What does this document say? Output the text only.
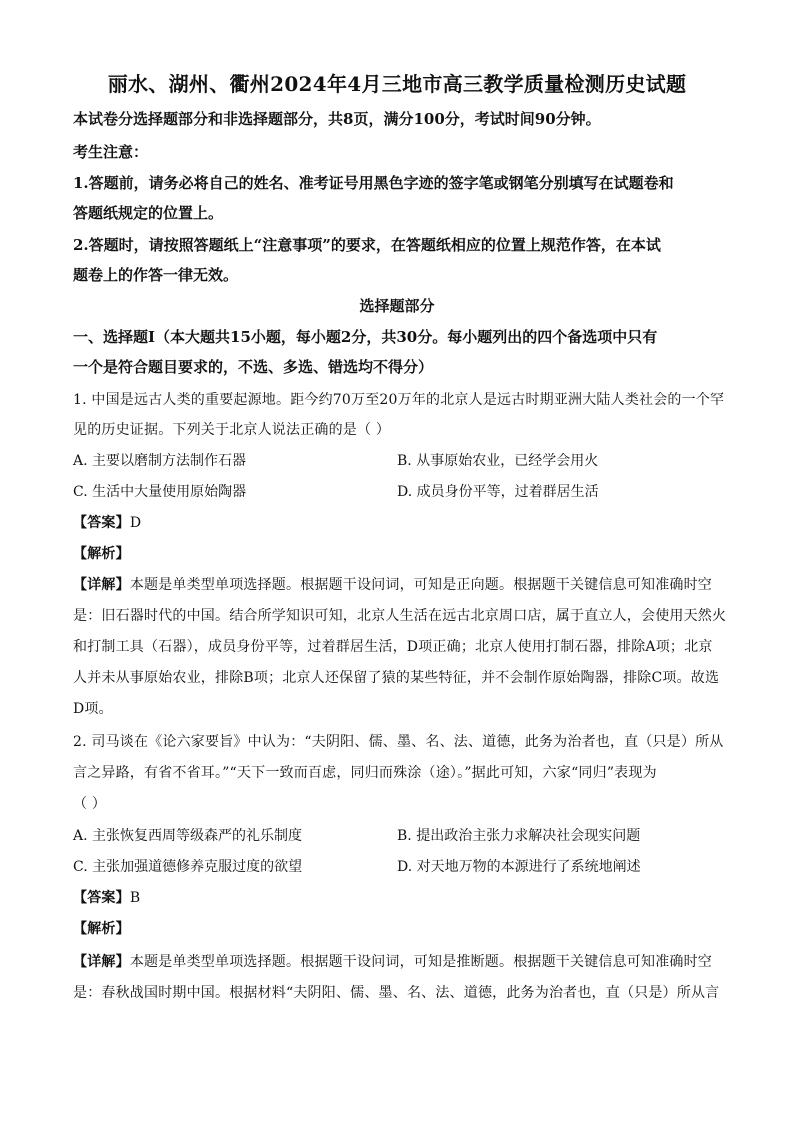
丽水、湖州、衢州2024年4月三地市高三教学质量检测历史试题
本试卷分选择题部分和非选择题部分，共8页，满分100分，考试时间90分钟。
考生注意：
1.答题前，请务必将自己的姓名、准考证号用黑色字迹的签字笔或钢笔分别填写在试题卷和
答题纸规定的位置上。
2.答题时，请按照答题纸上“注意事项”的要求，在答题纸相应的位置上规范作答，在本试
题卷上的作答一律无效。
选择题部分
一、选择题Ⅰ（本大题共15小题，每小题2分，共30分。每小题列出的四个备选项中只有
一个是符合题目要求的，不选、多选、错选均不得分）
1. 中国是远古人类的重要起源地。距今约70万至20万年的北京人是远古时期亚洲大陆人类社会的一个罕
见的历史证据。下列关于北京人说法正确的是（ ）
A. 主要以磨制方法制作石器	B. 从事原始农业，已经学会用火
C. 生活中大量使用原始陶器	D. 成员身份平等，过着群居生活
【答案】D
【解析】
【详解】本题是单类型单项选择题。根据题干设问词，可知是正向题。根据题干关键信息可知准确时空
是：旧石器时代的中国。结合所学知识可知，北京人生活在远古北京周口店，属于直立人，会使用天然火
和打制工具（石器），成员身份平等，过着群居生活，D项正确；北京人使用打制石器，排除A项；北京
人并未从事原始农业，排除B项；北京人还保留了猿的某些特征，并不会制作原始陶器，排除C项。故选
D项。
2. 司马谈在《论六家要旨》中认为：“夫阴阳、儒、墨、名、法、道德，此务为治者也，直（只是）所从
言之异路，有省不省耳。”“天下一致而百虑，同归而殊涂（途）。”据此可知，六家“同归”表现为
（ ）
A. 主张恢复西周等级森严的礼乐制度	B. 提出政治主张力求解决社会现实问题
C. 主张加强道德修养克服过度的欲望	D. 对天地万物的本源进行了系统地阐述
【答案】B
【解析】
【详解】本题是单类型单项选择题。根据题干设问词，可知是推断题。根据题干关键信息可知准确时空
是：春秋战国时期中国。根据材料“夫阴阳、儒、墨、名、法、道德，此务为治者也，直（只是）所从言
